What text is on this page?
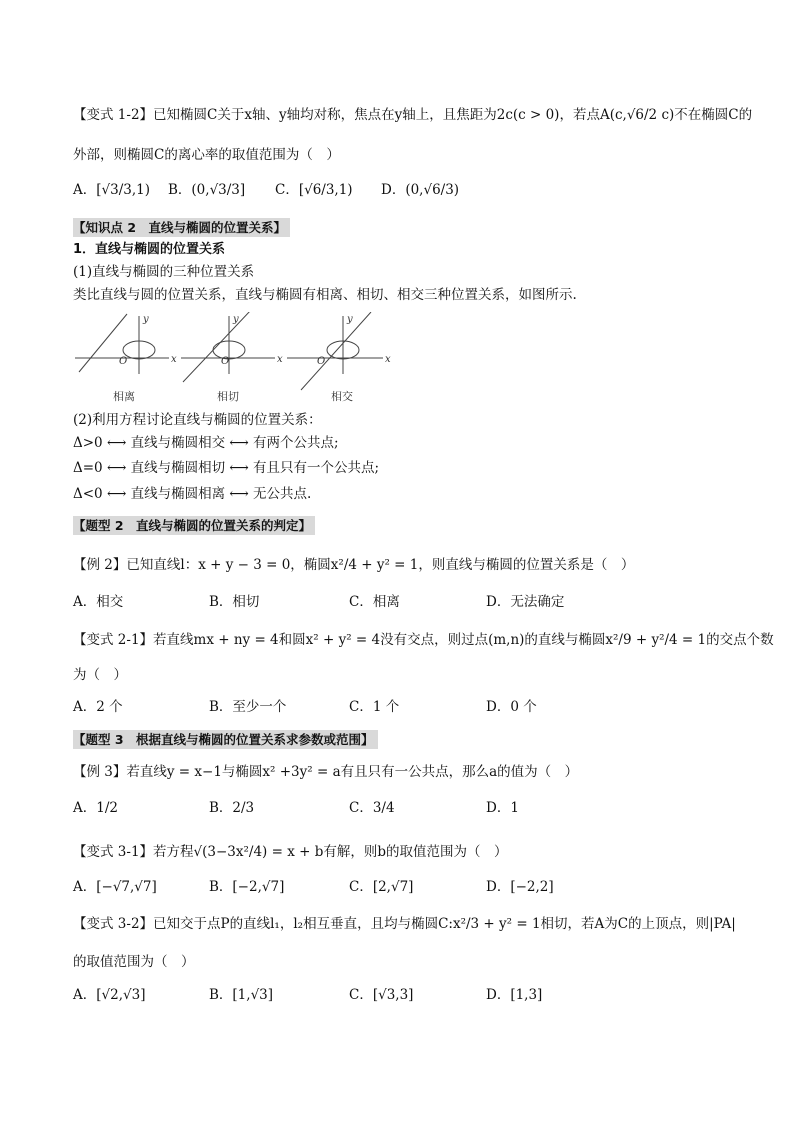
【变式 1-2】已知椭圆C关于x轴、y轴均对称，焦点在y轴上，且焦距为2c(c > 0)，若点A(c,√6/2 c)不在椭圆C的
外部，则椭圆C的离心率的取值范围为（　）
A．[√3/3,1) B．(0,√3/3] C．[√6/3,1) D．(0,√6/3)
【知识点 2　直线与椭圆的位置关系】
1．直线与椭圆的位置关系
(1)直线与椭圆的三种位置关系
类比直线与圆的位置关系，直线与椭圆有相离、相切、相交三种位置关系，如图所示.
y
x
O
y
x
O
y
x
O
相离	相切	相交
(2)利用方程讨论直线与椭圆的位置关系：
Δ>0 ⟷ 直线与椭圆相交 ⟷ 有两个公共点;
Δ=0 ⟷ 直线与椭圆相切 ⟷ 有且只有一个公共点;
Δ<0 ⟷ 直线与椭圆相离 ⟷ 无公共点.
【题型 2　直线与椭圆的位置关系的判定】
【例 2】已知直线l：x + y − 3 = 0，椭圆x²/4 + y² = 1，则直线与椭圆的位置关系是（　）
A．相交	B．相切	C．相离	D．无法确定
【变式 2-1】若直线mx + ny = 4和圆x² + y² = 4没有交点，则过点(m,n)的直线与椭圆x²/9 + y²/4 = 1的交点个数
为（　）
A．2 个	B．至少一个	C．1 个	D．0 个
【题型 3　根据直线与椭圆的位置关系求参数或范围】
【例 3】若直线y = x−1与椭圆x² +3y² = a有且只有一公共点，那么a的值为（　）
A．1/2	B．2/3	C．3/4	D．1
【变式 3-1】若方程√(3−3x²/4) = x + b有解，则b的取值范围为（　）
A．[−√7,√7]	B．[−2,√7]	C．[2,√7]	D．[−2,2]
【变式 3-2】已知交于点P的直线l₁，l₂相互垂直，且均与椭圆C:x²/3 + y² = 1相切，若A为C的上顶点，则|PA|
的取值范围为（　）
A．[√2,√3]	B．[1,√3]	C．[√3,3]	D．[1,3]
